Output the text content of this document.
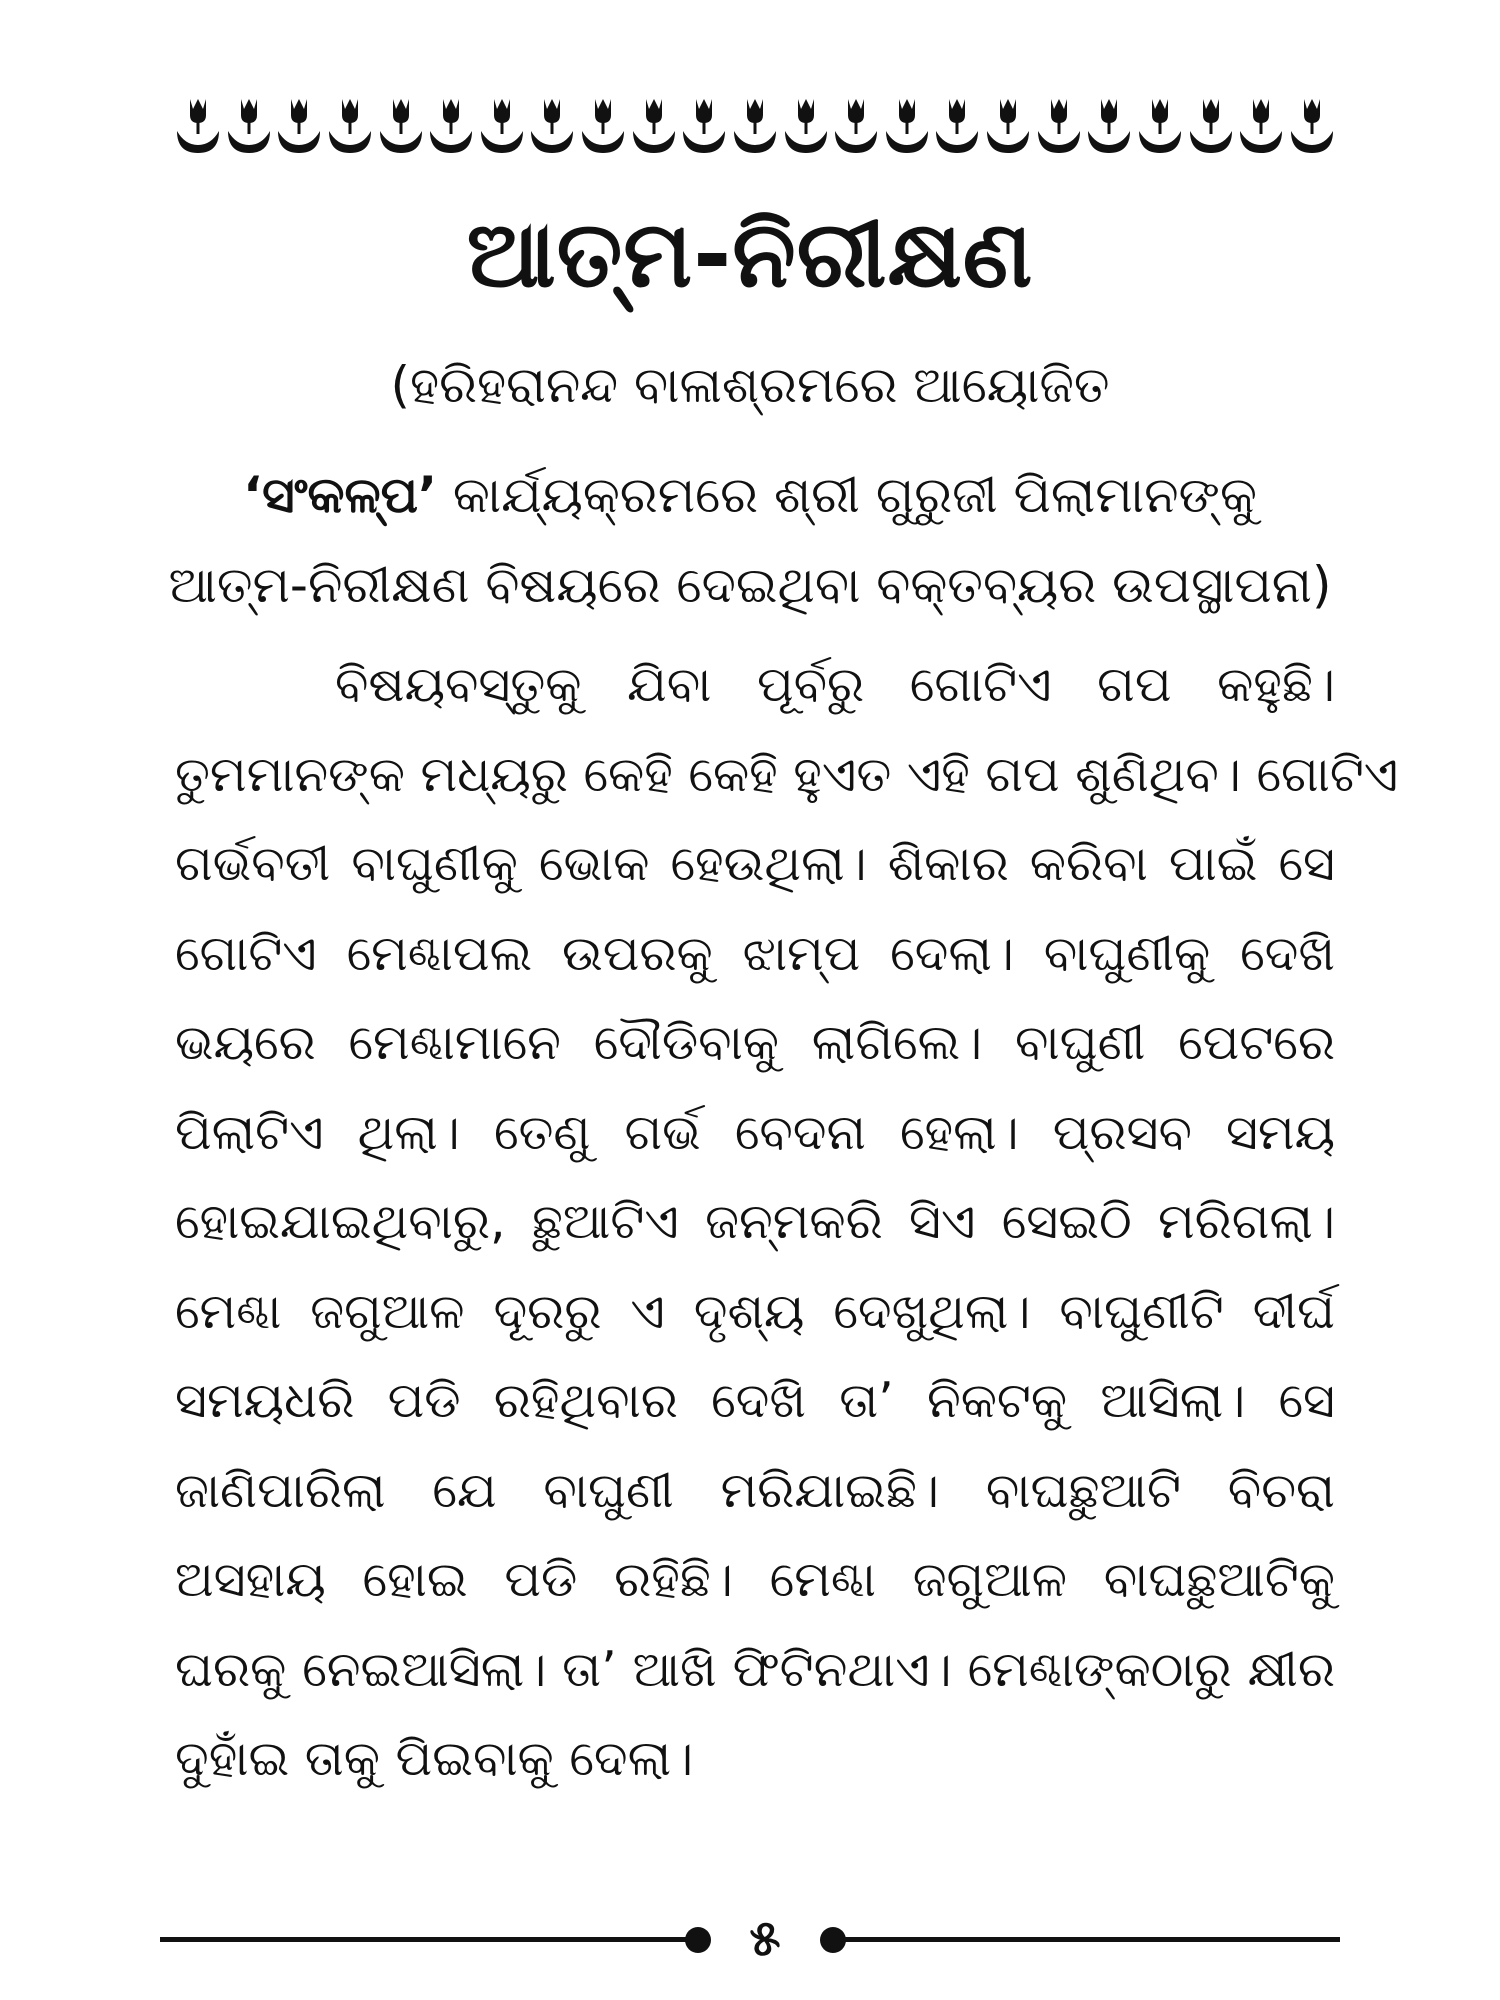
ଆତ୍ମ-ନିରୀକ୍ଷଣ
(ହରିହରାନନ୍ଦ ବାଳାଶ୍ରମରେ ଆୟୋଜିତ
‘ସଂକଳ୍ପ’ କାର୍ଯ୍ୟକ୍ରମରେ ଶ୍ରୀ ଗୁରୁଜୀ ପିଲାମାନଙ୍କୁ
ଆତ୍ମ-ନିରୀକ୍ଷଣ ବିଷୟରେ ଦେଇଥିବା ବକ୍ତବ୍ୟର ଉପସ୍ଥାପନା)
ବିଷୟବସ୍ତୁକୁ ଯିବା ପୂର୍ବରୁ ଗୋଟିଏ ଗପ କହୁଛି।
ତୁମମାନଙ୍କ ମଧ୍ୟରୁ କେହି କେହି ହୁଏତ ଏହି ଗପ ଶୁଣିଥିବ। ଗୋଟିଏ
ଗର୍ଭବତୀ ବାଘୁଣୀକୁ ଭୋକ ହେଉଥିଲା। ଶିକାର କରିବା ପାଇଁ ସେ
ଗୋଟିଏ ମେଣ୍ଢାପଲ ଉପରକୁ ଝାମ୍ପ ଦେଲା। ବାଘୁଣୀକୁ ଦେଖି
ଭୟରେ ମେଣ୍ଢାମାନେ ଦୌଡିବାକୁ ଲାଗିଲେ। ବାଘୁଣୀ ପେଟରେ
ପିଲାଟିଏ ଥିଲା। ତେଣୁ ଗର୍ଭ ବେଦନା ହେଲା। ପ୍ରସବ ସମୟ
ହୋଇଯାଇଥିବାରୁ, ଛୁଆଟିଏ ଜନ୍ମକରି ସିଏ ସେଇଠି ମରିଗଲା।
ମେଣ୍ଢା ଜଗୁଆଳ ଦୂରରୁ ଏ ଦୃଶ୍ୟ ଦେଖୁଥିଲା। ବାଘୁଣୀଟି ଦୀର୍ଘ
ସମୟଧରି ପଡି ରହିଥିବାର ଦେଖି ତା’ ନିକଟକୁ ଆସିଲା। ସେ
ଜାଣିପାରିଲା ଯେ ବାଘୁଣୀ ମରିଯାଇଛି। ବାଘଛୁଆଟି ବିଚରା
ଅସହାୟ ହୋଇ ପଡି ରହିଛି। ମେଣ୍ଢା ଜଗୁଆଳ ବାଘଛୁଆଟିକୁ
ଘରକୁ ନେଇଆସିଲା। ତା’ ଆଖି ଫିଟିନଥାଏ। ମେଣ୍ଢାଙ୍କଠାରୁ କ୍ଷୀର
ଦୁହାଁଇ ତାକୁ ପିଇବାକୁ ଦେଲା।
୫
